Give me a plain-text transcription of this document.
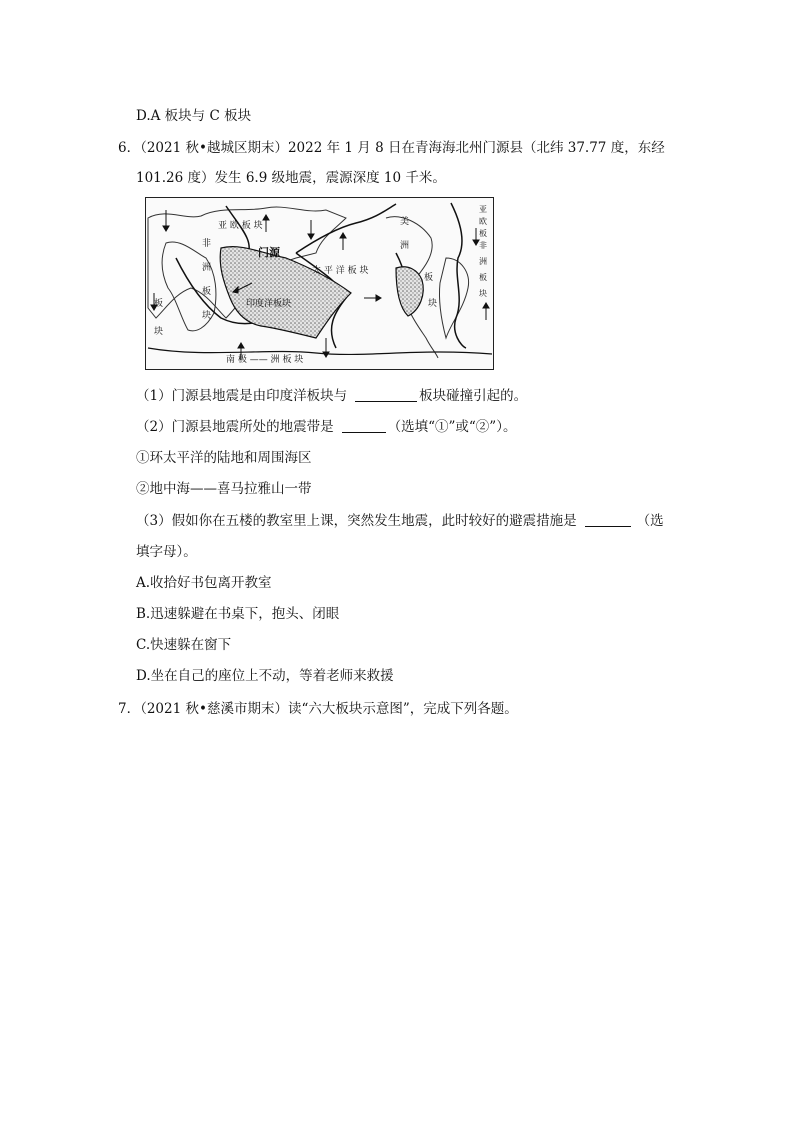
D.A 板块与 C 板块
6．（2021 秋•越城区期末）2022 年 1 月 8 日在青海海北州门源县（北纬 37.77 度，东经
101.26 度）发生 6.9 级地震，震源深度 10 千米。
亚 欧 板 块
门源
太 平 洋 板 块
印度洋板块
非
洲
板
块
美
洲
板
块
板
块
亚
欧
板
非
洲
板
块
南 极 —— 洲 板 块
（1）门源县地震是由印度洋板块与	板块碰撞引起的。
（2）门源县地震所处的地震带是	（选填“①”或“②”）。
①环太平洋的陆地和周围海区
②地中海——喜马拉雅山一带
（3）假如你在五楼的教室里上课，突然发生地震，此时较好的避震措施是	（选
填字母）。
A.收拾好书包离开教室
B.迅速躲避在书桌下，抱头、闭眼
C.快速躲在窗下
D.坐在自己的座位上不动，等着老师来救援
7．（2021 秋•慈溪市期末）读“六大板块示意图”，完成下列各题。
